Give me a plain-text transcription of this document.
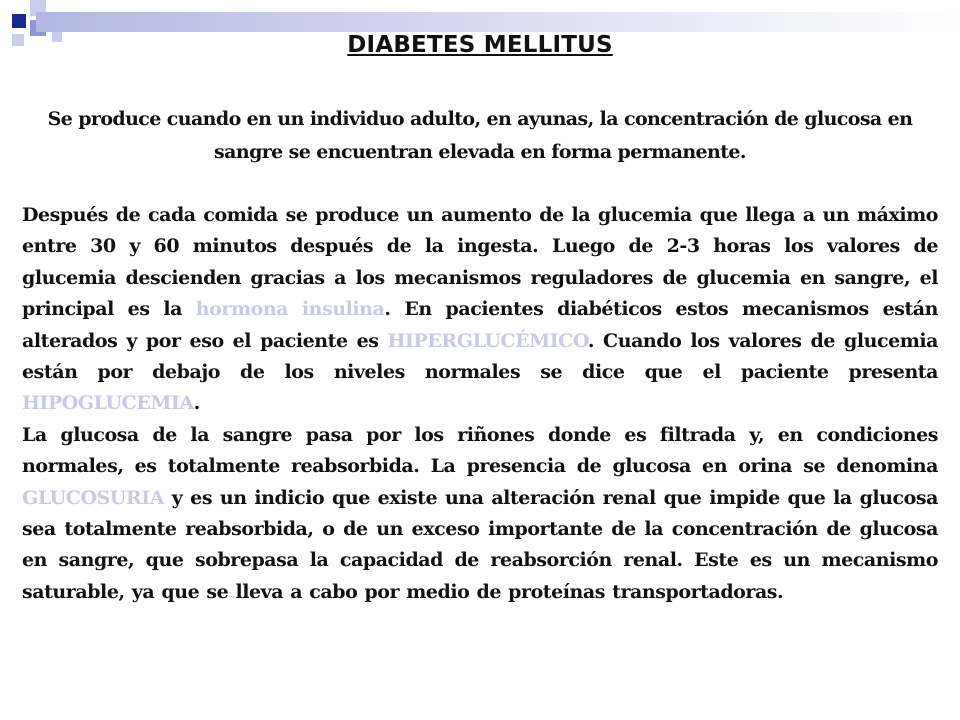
DIABETES MELLITUS
Se produce cuando en un individuo adulto, en ayunas, la concentración de glucosa en sangre se encuentran elevada en forma permanente.

Después de cada comida se produce un aumento de la glucemia que llega a un máximo entre 30 y 60 minutos después de la ingesta. Luego de 2-3 horas los valores de glucemia descienden gracias a los mecanismos reguladores de glucemia en sangre, el principal es la hormona insulina. En pacientes diabéticos estos mecanismos están alterados y por eso el paciente es HIPERGLUCÉMICO. Cuando los valores de glucemia están por debajo de los niveles normales se dice que el paciente presenta HIPOGLUCEMIA.

La glucosa de la sangre pasa por los riñones donde es filtrada y, en condiciones normales, es totalmente reabsorbida. La presencia de glucosa en orina se denomina GLUCOSURIA y es un indicio que existe una alteración renal que impide que la glucosa sea totalmente reabsorbida, o de un exceso importante de la concentración de glucosa en sangre, que sobrepasa la capacidad de reabsorción renal. Este es un mecanismo saturable, ya que se lleva a cabo por medio de proteínas transportadoras.
